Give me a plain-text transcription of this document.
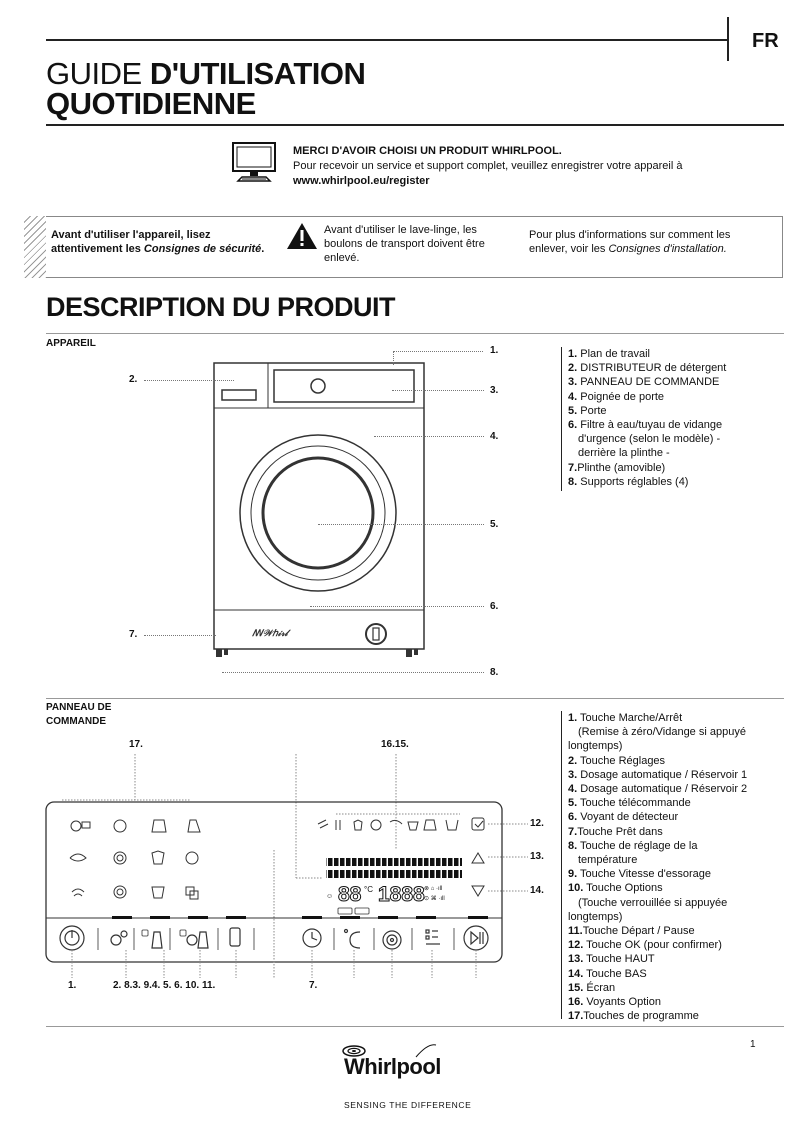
FR
GUIDE D'UTILISATION
QUOTIDIENNE
MERCI D'AVOIR CHOISI UN PRODUIT WHIRLPOOL.
Pour recevoir un service et support complet, veuillez enregistrer votre appareil à
www.whirlpool.eu/register
Avant d'utiliser l'appareil, lisez
attentivement les Consignes de sécurité.
Avant d'utiliser le lave-linge, les
boulons de transport doivent être
enlevé.
Pour plus d'informations sur comment les
enlever, voir les Consignes d'installation.
DESCRIPTION DU PRODUIT
APPAREIL
ꟿ𝒲ℎ𝒾𝓇𝓁
1.
2.
3.
4.
5.
6.
7.
8.
1. Plan de travail
2. DISTRIBUTEUR de détergent
3. PANNEAU DE COMMANDE
4. Poignée de porte
5. Porte
6. Filtre à eau/tuyau de vidange
d'urgence (selon le modèle) -
derrière la plinthe -
7.Plinthe (amovible)
8. Supports réglables (4)
PANNEAU DE
COMMANDE
17.	16.15.
12.
13.
14.
1.	2. 8.3. 9.4. 5. 6. 10. 11.	7.
☺ 88 °C 1888 ⊗ ⌂ ·ıll
⊙ ⌘ ·ıll
1. Touche Marche/Arrêt
(Remise à zéro/Vidange si appuyé
longtemps)
2. Touche Réglages
3. Dosage automatique / Réservoir 1
4. Dosage automatique / Réservoir 2
5. Touche télécommande
6. Voyant de détecteur
7.Touche Prêt dans
8. Touche de réglage de la
température
9. Touche Vitesse d'essorage
10. Touche Options
(Touche verrouillée si appuyée
longtemps)
11.Touche Départ / Pause
12. Touche OK (pour confirmer)
13. Touche HAUT
14. Touche BAS
15. Écran
16. Voyants Option
17.Touches de programme
1
Whirlpool
SENSING THE DIFFERENCE
